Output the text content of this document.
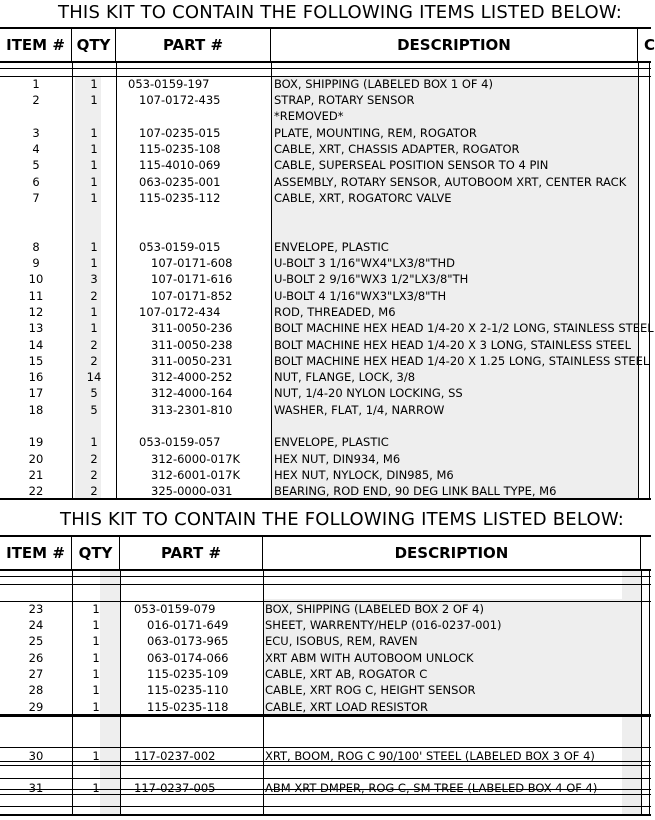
THIS KIT TO CONTAIN THE FOLLOWING ITEMS LISTED BELOW:
ITEM # QTY	PART #	DESCRIPTION	C
1	1	053-0159-197	BOX, SHIPPING (LABELED BOX 1 OF 4)
2	1	107-0172-435	STRAP, ROTARY SENSOR
*REMOVED*
3	1	107-0235-015	PLATE, MOUNTING, REM, ROGATOR
4	1	115-0235-108	CABLE, XRT, CHASSIS ADAPTER, ROGATOR
5	1	115-4010-069	CABLE, SUPERSEAL POSITION SENSOR TO 4 PIN
6	1	063-0235-001	ASSEMBLY, ROTARY SENSOR, AUTOBOOM XRT, CENTER RACK
7	1	115-0235-112	CABLE, XRT, ROGATORC VALVE
8	1	053-0159-015	ENVELOPE, PLASTIC
9	1	107-0171-608	U-BOLT 3 1/16"WX4"LX3/8"THD
10	3	107-0171-616	U-BOLT 2 9/16"WX3 1/2"LX3/8"TH
11	2	107-0171-852	U-BOLT 4 1/16"WX3"LX3/8"TH
12	1	107-0172-434	ROD, THREADED, M6
13	1	311-0050-236	BOLT MACHINE HEX HEAD 1/4-20 X 2-1/2 LONG, STAINLESS STEEL
14	2	311-0050-238	BOLT MACHINE HEX HEAD 1/4-20 X 3 LONG, STAINLESS STEEL
15	2	311-0050-231	BOLT MACHINE HEX HEAD 1/4-20 X 1.25 LONG, STAINLESS STEEL
16	14	312-4000-252	NUT, FLANGE, LOCK, 3/8
17	5	312-4000-164	NUT, 1/4-20 NYLON LOCKING, SS
18	5	313-2301-810	WASHER, FLAT, 1/4, NARROW
19	1	053-0159-057	ENVELOPE, PLASTIC
20	2	312-6000-017K	HEX NUT, DIN934, M6
21	2	312-6001-017K	HEX NUT, NYLOCK, DIN985, M6
22	2	325-0000-031	BEARING, ROD END, 90 DEG LINK BALL TYPE, M6
THIS KIT TO CONTAIN THE FOLLOWING ITEMS LISTED BELOW:
ITEM # QTY	PART #	DESCRIPTION
23	1	053-0159-079	BOX, SHIPPING (LABELED BOX 2 OF 4)
24	1	016-0171-649	SHEET, WARRENTY/HELP (016-0237-001)
25	1	063-0173-965	ECU, ISOBUS, REM, RAVEN
26	1	063-0174-066	XRT ABM WITH AUTOBOOM UNLOCK
27	1	115-0235-109	CABLE, XRT AB, ROGATOR C
28	1	115-0235-110	CABLE, XRT ROG C, HEIGHT SENSOR
29	1	115-0235-118	CABLE, XRT LOAD RESISTOR
30	1	117-0237-002	XRT, BOOM, ROG C 90/100' STEEL (LABELED BOX 3 OF 4)
31	1	117-0237-005	ABM XRT DMPER, ROG C, SM TREE (LABELED BOX 4 OF 4)
